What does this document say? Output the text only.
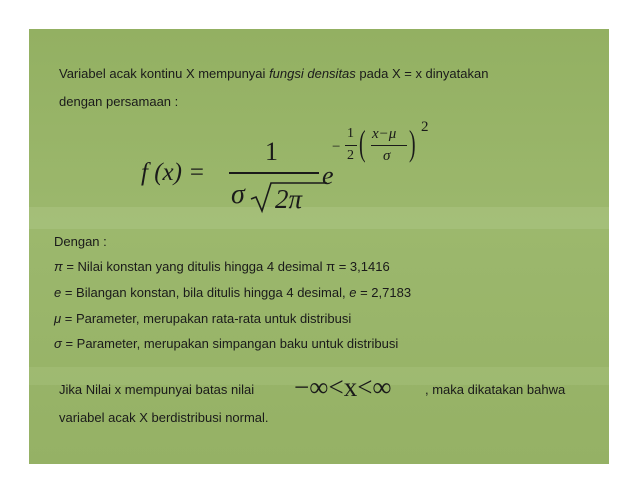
Variabel acak kontinu X mempunyai fungsi densitas pada X = x dinyatakan
dengan persamaan :
f (x) =
1
σ 2π
e
−
1
2 ( x−μ
σ ) 2
Dengan :
π = Nilai konstan yang ditulis hingga 4 desimal π = 3,1416
e = Bilangan konstan, bila ditulis hingga 4 desimal, e = 2,7183
μ = Parameter, merupakan rata-rata untuk distribusi
σ = Parameter, merupakan simpangan baku untuk distribusi
Jika Nilai x mempunyai batas nilai −∞<x<∞	, maka dikatakan bahwa
variabel acak X berdistribusi normal.
